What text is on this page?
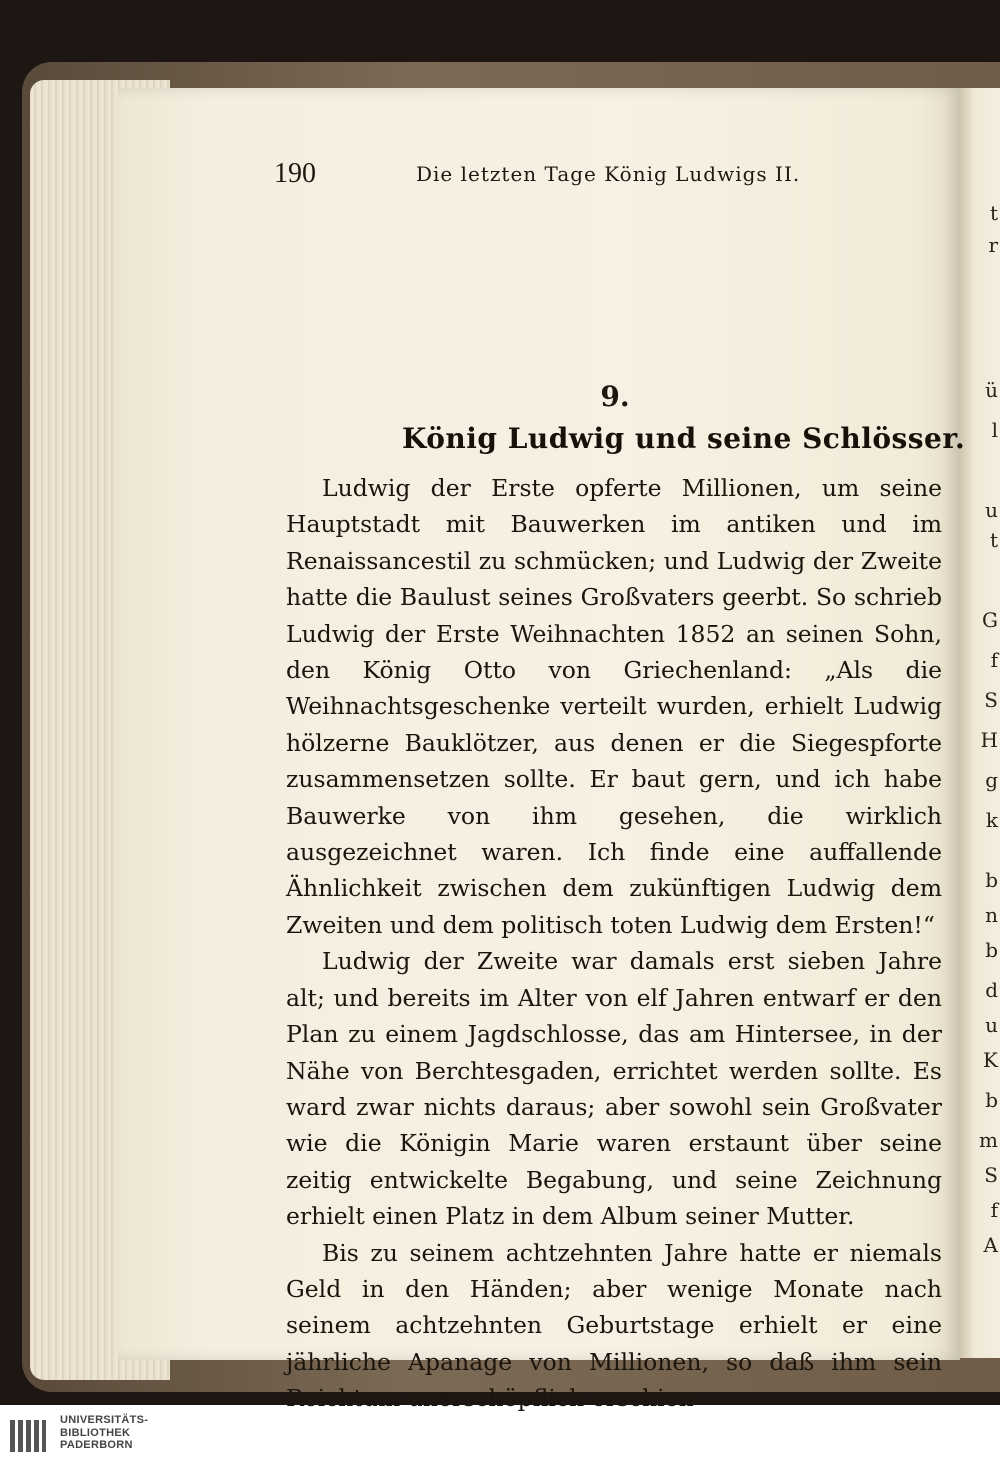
t
r
ü
l
u
t
G
f
S
H
g
k
b
n
b
d
u
K
b
m
S
f
A
190	Die letzten Tage König Ludwigs II.
9.
König Ludwig und seine Schlösser.

Ludwig der Erste opferte Millionen, um seine Hauptstadt mit Bauwerken im antiken und im Renaissancestil zu schmücken; und Ludwig der Zweite hatte die Baulust seines Großvaters geerbt. So schrieb Ludwig der Erste Weihnachten 1852 an seinen Sohn, den König Otto von Griechenland: „Als die Weihnachtsgeschenke verteilt wurden, erhielt Ludwig hölzerne Bauklötzer, aus denen er die Siegespforte zusammensetzen sollte. Er baut gern, und ich habe Bauwerke von ihm gesehen, die wirklich ausgezeichnet waren. Ich finde eine auffallende Ähnlichkeit zwischen dem zukünftigen Ludwig dem Zweiten und dem politisch toten Ludwig dem Ersten!“

Ludwig der Zweite war damals erst sieben Jahre alt; und bereits im Alter von elf Jahren entwarf er den Plan zu einem Jagdschlosse, das am Hintersee, in der Nähe von Berchtesgaden, errichtet werden sollte. Es ward zwar nichts daraus; aber sowohl sein Großvater wie die Königin Marie waren erstaunt über seine zeitig entwickelte Begabung, und seine Zeichnung erhielt einen Platz in dem Album seiner Mutter.

Bis zu seinem achtzehnten Jahre hatte er niemals Geld in den Händen; aber wenige Monate nach seinem achtzehnten Geburtstage erhielt er eine jährliche Apanage von Millionen, so daß ihm sein Reichtum unerschöpflich erschien

UNIVERSITÄTS-
BIBLIOTHEK
PADERBORN
